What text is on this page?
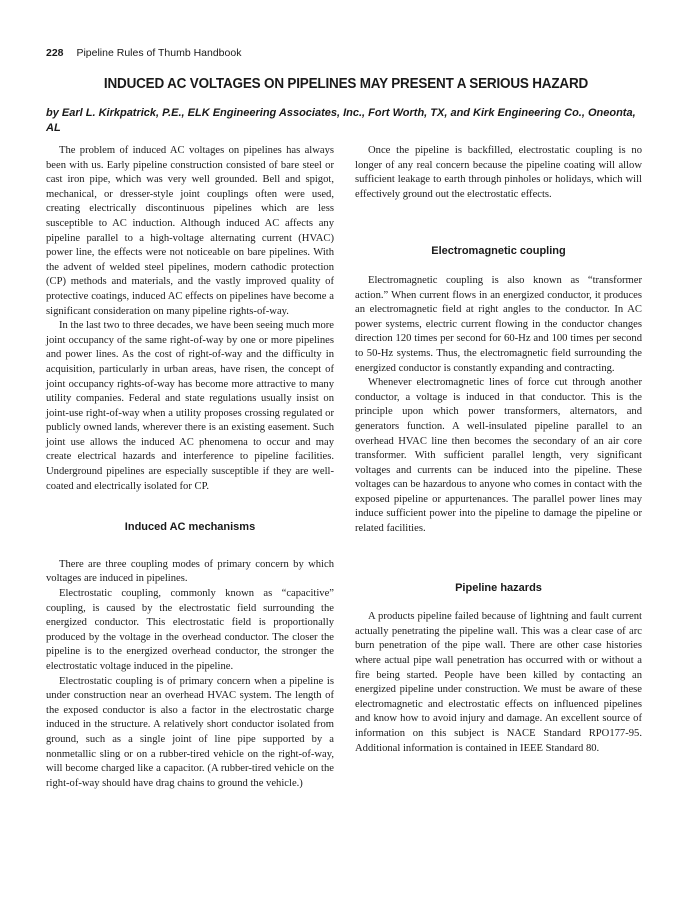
228 Pipeline Rules of Thumb Handbook
INDUCED AC VOLTAGES ON PIPELINES MAY PRESENT A SERIOUS HAZARD
by Earl L. Kirkpatrick, P.E., ELK Engineering Associates, Inc., Fort Worth, TX, and Kirk Engineering Co., Oneonta, AL

The problem of induced AC voltages on pipelines has always been with us. Early pipeline construction consisted of bare steel or cast iron pipe, which was very well grounded. Bell and spigot, mechanical, or dresser-style joint couplings often were used, creating electrically discontinuous pipelines which are less susceptible to AC induction. Although induced AC affects any pipeline parallel to a high-voltage alternating current (HVAC) power line, the effects were not noticeable on bare pipelines. With the advent of welded steel pipelines, modern cathodic protection (CP) methods and materials, and the vastly improved quality of protective coatings, induced AC effects on pipelines have become a significant consideration on many pipeline rights-of-way.

In the last two to three decades, we have been seeing much more joint occupancy of the same right-of-way by one or more pipelines and power lines. As the cost of right-of-way and the difficulty in acquisition, particularly in urban areas, have risen, the concept of joint occupancy rights-of-way has become more attractive to many utility companies. Federal and state regulations usually insist on joint-use right-of-way when a utility proposes crossing regulated or publicly owned lands, wherever there is an existing easement. Such joint use allows the induced AC phenomena to occur and may create electrical hazards and interference to pipeline facilities. Underground pipelines are especially susceptible if they are well-coated and electrically isolated for CP.

Induced AC mechanisms

There are three coupling modes of primary concern by which voltages are induced in pipelines.

Electrostatic coupling, commonly known as “capacitive” coupling, is caused by the electrostatic field surrounding the energized conductor. This electrostatic field is proportionally produced by the voltage in the overhead conductor. The closer the pipeline is to the energized overhead conductor, the stronger the electrostatic voltage induced in the pipeline.

Electrostatic coupling is of primary concern when a pipeline is under construction near an overhead HVAC system. The length of the exposed conductor is also a factor in the electrostatic charge induced in the structure. A relatively short conductor isolated from ground, such as a single joint of line pipe supported by a nonmetallic sling or on a rubber-tired vehicle on the right-of-way, will become charged like a capacitor. (A rubber-tired vehicle on the right-of-way should have drag chains to ground the vehicle.)

Once the pipeline is backfilled, electrostatic coupling is no longer of any real concern because the pipeline coating will allow sufficient leakage to earth through pinholes or holidays, which will effectively ground out the electrostatic effects.

Electromagnetic coupling

Electromagnetic coupling is also known as “transformer action.” When current flows in an energized conductor, it produces an electromagnetic field at right angles to the conductor. In AC power systems, electric current flowing in the conductor changes direction 120 times per second for 60-Hz and 100 times per second to 50-Hz systems. Thus, the electromagnetic field surrounding the energized conductor is constantly expanding and contracting.

Whenever electromagnetic lines of force cut through another conductor, a voltage is induced in that conductor. This is the principle upon which power transformers, alternators, and generators function. A well-insulated pipeline parallel to an overhead HVAC line then becomes the secondary of an air core transformer. With sufficient parallel length, very significant voltages and currents can be induced into the pipeline. These voltages can be hazardous to anyone who comes in contact with the exposed pipeline or appurtenances. The parallel power lines may induce sufficient power into the pipeline to damage the pipeline or related facilities.

Pipeline hazards

A products pipeline failed because of lightning and fault current actually penetrating the pipeline wall. This was a clear case of arc burn penetration of the pipe wall. There are other case histories where actual pipe wall penetration has occurred with or without a fire being started. People have been killed by contacting an energized pipeline under construction. We must be aware of these electromagnetic and electrostatic effects on influenced pipelines and know how to avoid injury and damage. An excellent source of information on this subject is NACE Standard RPO177-95. Additional information is contained in IEEE Standard 80.
